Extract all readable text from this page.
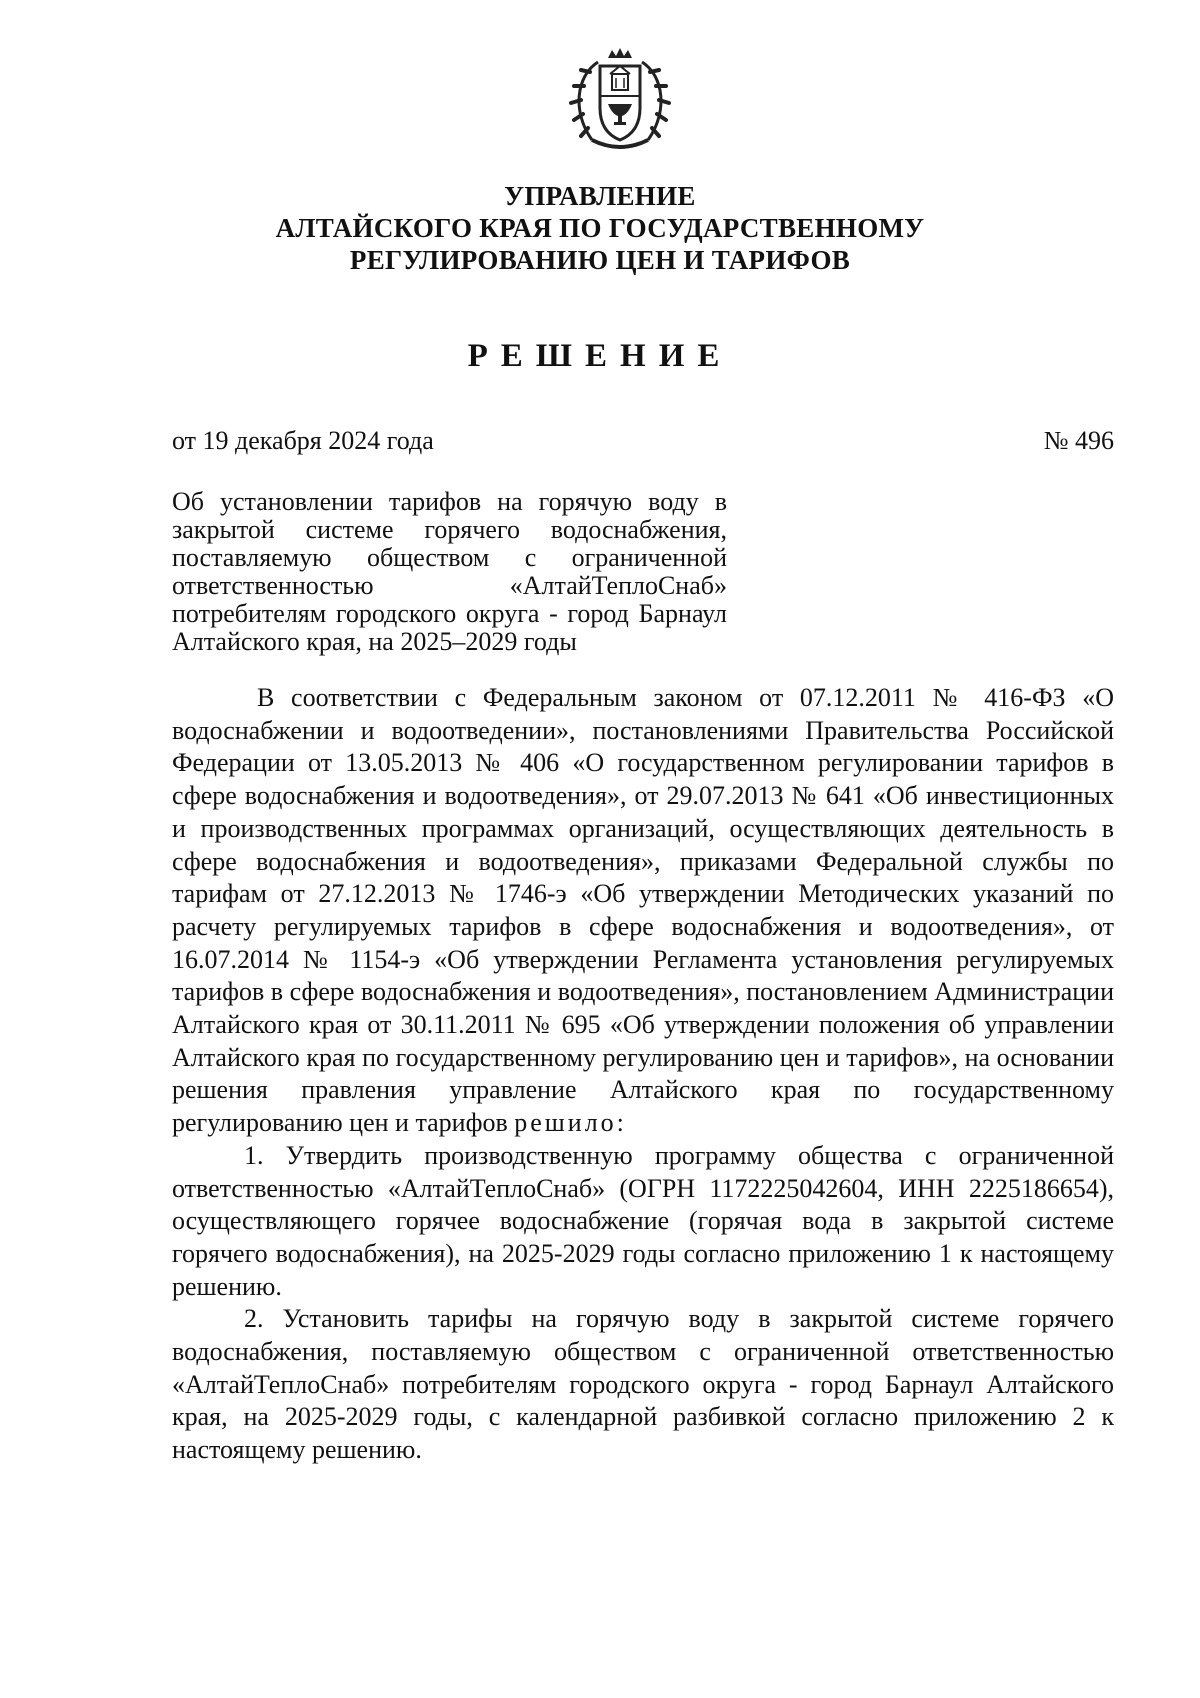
УПРАВЛЕНИЕ
АЛТАЙСКОГО КРАЯ ПО ГОСУДАРСТВЕННОМУ
РЕГУЛИРОВАНИЮ ЦЕН И ТАРИФОВ
РЕШЕНИЕ
от 19 декабря 2024 года	№ 496
Об установлении тарифов на горячую воду в закрытой системе горячего водоснабжения, поставляемую обществом с ограниченной ответственностью «АлтайТеплоСнаб» потребителям городского округа - город Барнаул Алтайского края, на 2025–2029 годы

В соответствии с Федеральным законом от 07.12.2011 № 416-ФЗ «О водоснабжении и водоотведении», постановлениями Правительства Российской Федерации от 13.05.2013 № 406 «О государственном регулировании тарифов в сфере водоснабжения и водоотведения», от 29.07.2013 № 641 «Об инвестиционных и производственных программах организаций, осуществляющих деятельность в сфере водоснабжения и водоотведения», приказами Федеральной службы по тарифам от 27.12.2013 № 1746-э «Об утверждении Методических указаний по расчету регулируемых тарифов в сфере водоснабжения и водоотведения», от 16.07.2014 № 1154-э «Об утверждении Регламента установления регулируемых тарифов в сфере водоснабжения и водоотведения», постановлением Администрации Алтайского края от 30.11.2011 № 695 «Об утверждении положения об управлении Алтайского края по государственному регулированию цен и тарифов», на основании решения правления управление Алтайского края по государственному регулированию цен и тарифов решило:

1. Утвердить производственную программу общества с ограниченной ответственностью «АлтайТеплоСнаб» (ОГРН 1172225042604, ИНН 2225186654), осуществляющего горячее водоснабжение (горячая вода в закрытой системе горячего водоснабжения), на 2025-2029 годы согласно приложению 1 к настоящему решению.

2. Установить тарифы на горячую воду в закрытой системе горячего водоснабжения, поставляемую обществом с ограниченной ответственностью «АлтайТеплоСнаб» потребителям городского округа - город Барнаул Алтайского края, на 2025-2029 годы, с календарной разбивкой согласно приложению 2 к настоящему решению.
